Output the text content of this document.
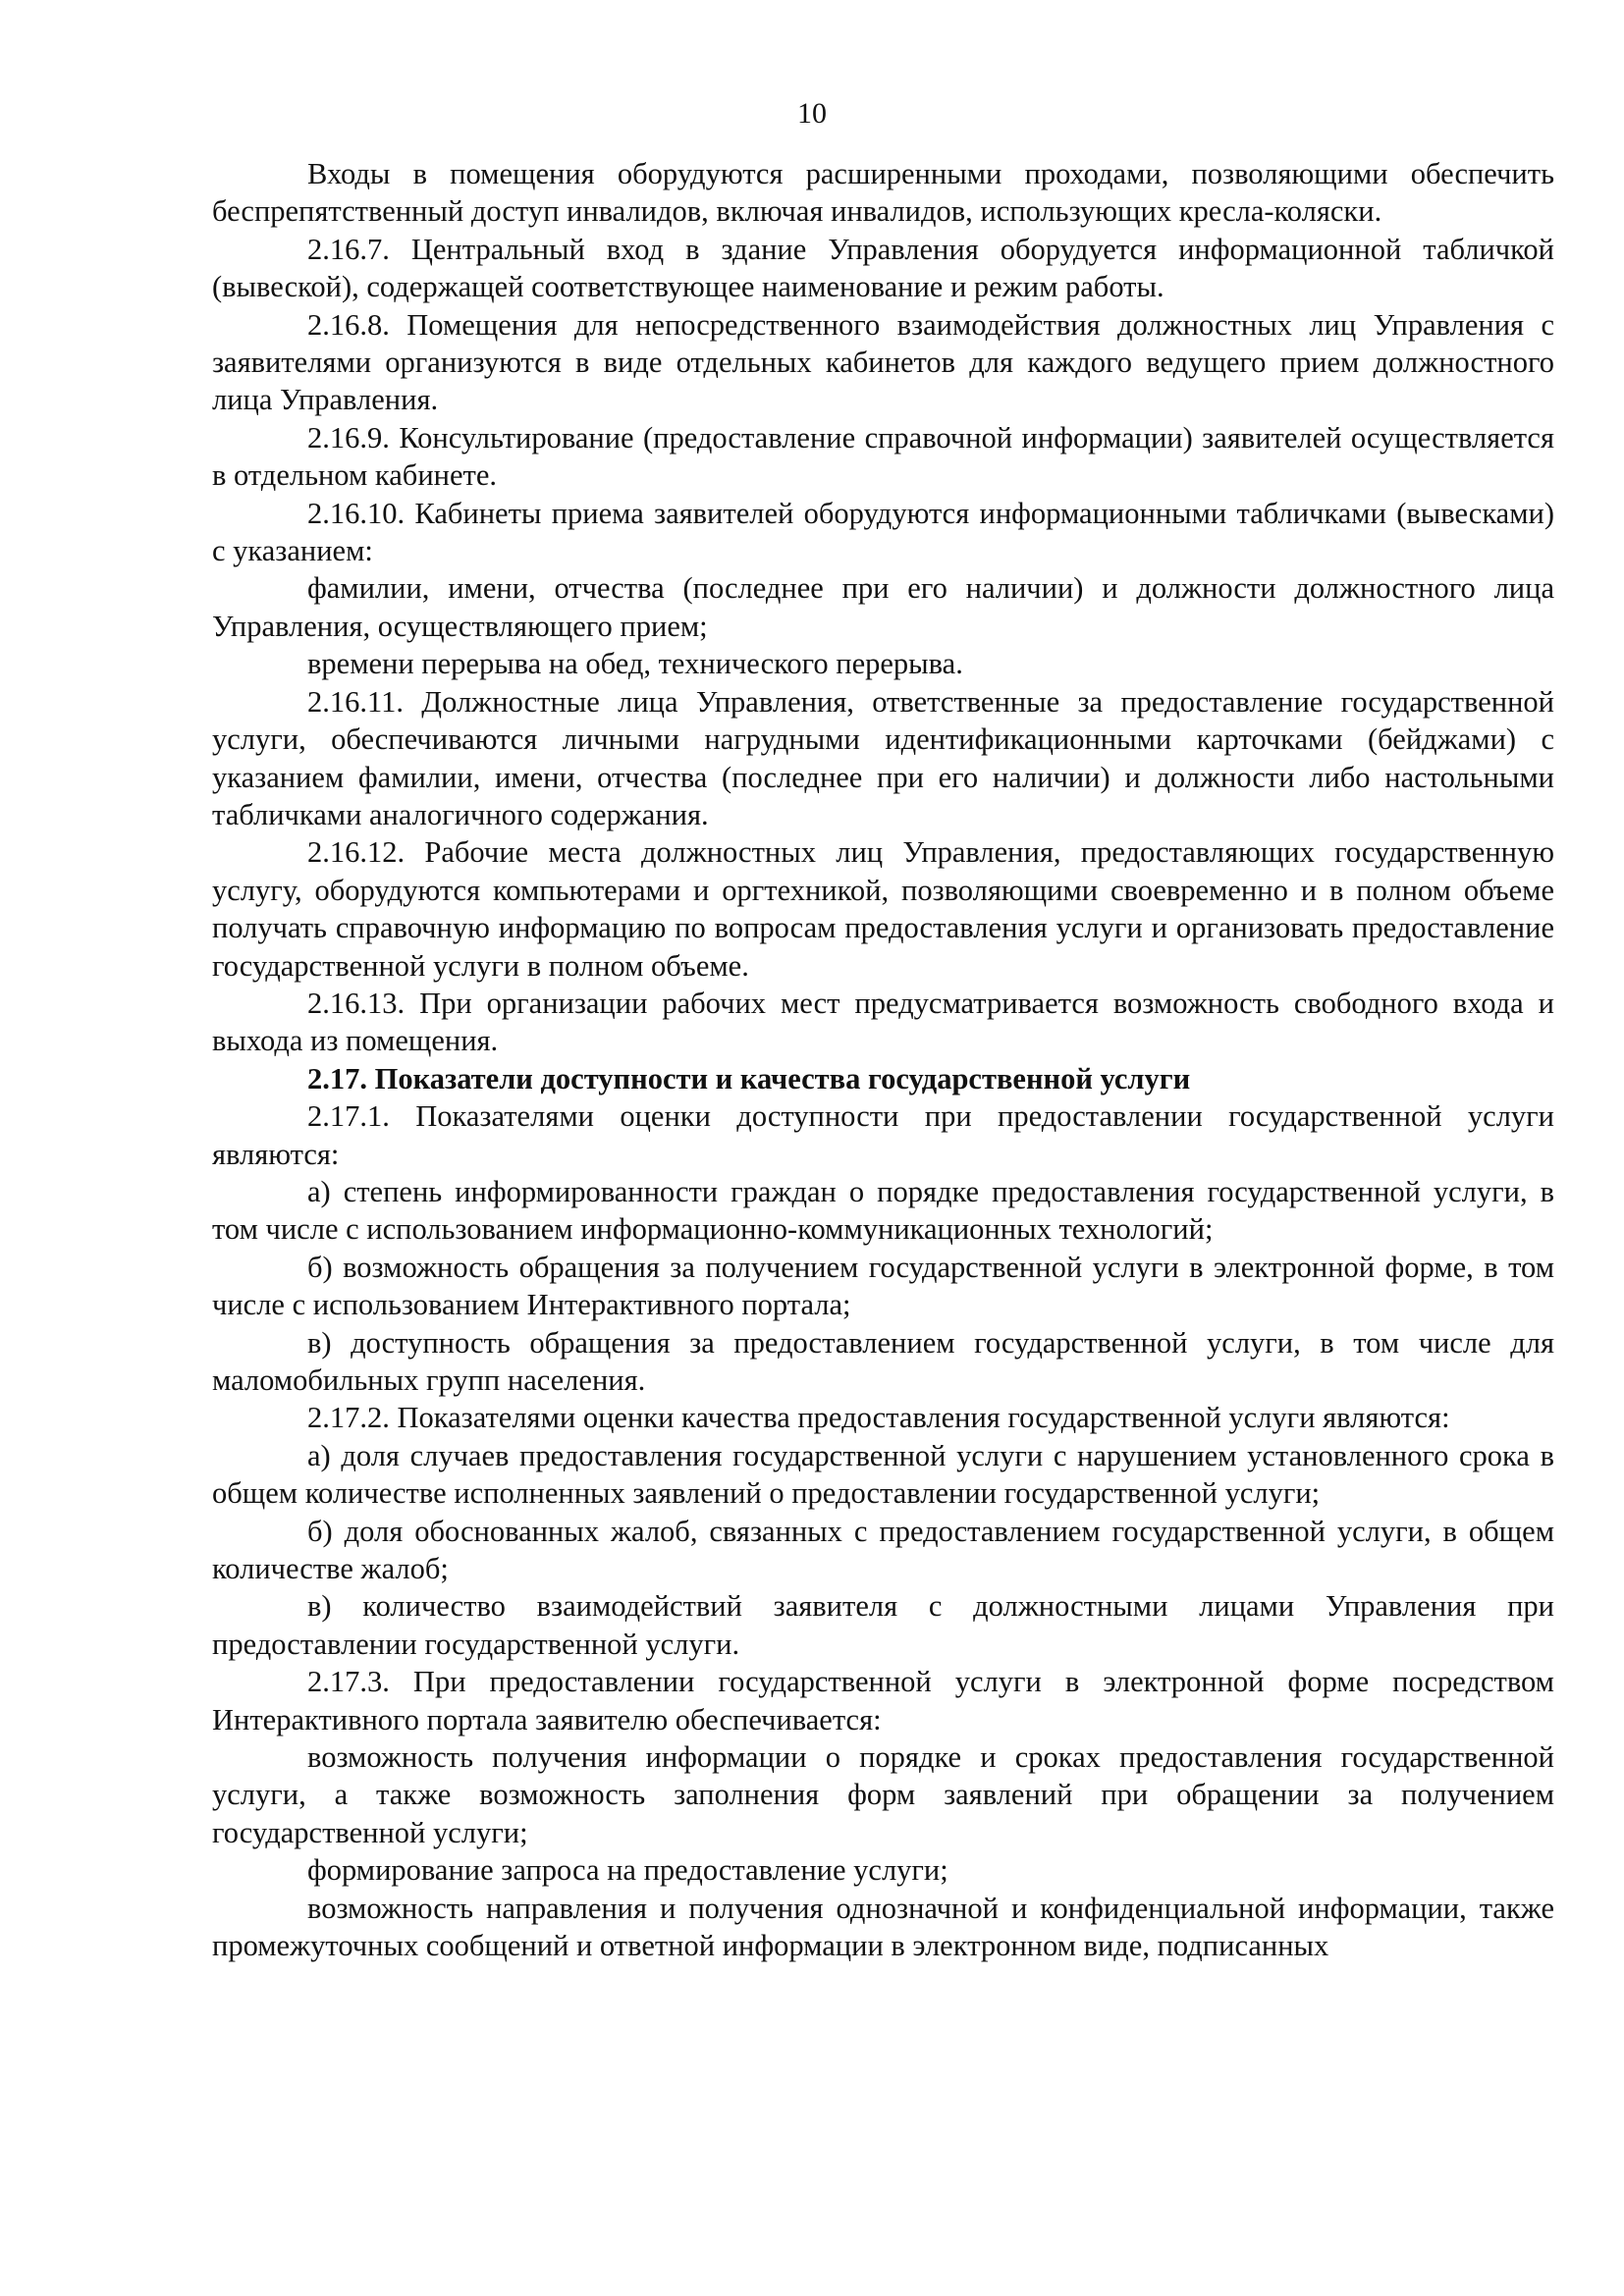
10

Входы в помещения оборудуются расширенными проходами, позволяющими обеспечить беспрепятственный доступ инвалидов, включая инвалидов, использующих кресла-коляски.

2.16.7. Центральный вход в здание Управления оборудуется информационной табличкой (вывеской), содержащей соответствующее наименование и режим работы.

2.16.8. Помещения для непосредственного взаимодействия должностных лиц Управления с заявителями организуются в виде отдельных кабинетов для каждого ведущего прием должностного лица Управления.

2.16.9. Консультирование (предоставление справочной информации) заявителей осуществляется в отдельном кабинете.

2.16.10. Кабинеты приема заявителей оборудуются информационными табличками (вывесками) с указанием:

фамилии, имени, отчества (последнее при его наличии) и должности должностного лица Управления, осуществляющего прием;

времени перерыва на обед, технического перерыва.

2.16.11. Должностные лица Управления, ответственные за предоставление государственной услуги, обеспечиваются личными нагрудными идентификационными карточками (бейджами) с указанием фамилии, имени, отчества (последнее при его наличии) и должности либо настольными табличками аналогичного содержания.

2.16.12. Рабочие места должностных лиц Управления, предоставляющих государственную услугу, оборудуются компьютерами и оргтехникой, позволяющими своевременно и в полном объеме получать справочную информацию по вопросам предоставления услуги и организовать предоставление государственной услуги в полном объеме.

2.16.13. При организации рабочих мест предусматривается возможность свободного входа и выхода из помещения.

2.17. Показатели доступности и качества государственной услуги

2.17.1. Показателями оценки доступности при предоставлении государственной услуги являются:

а) степень информированности граждан о порядке предоставления государственной услуги, в том числе с использованием информационно-коммуникационных технологий;

б) возможность обращения за получением государственной услуги в электронной форме, в том числе с использованием Интерактивного портала;

в) доступность обращения за предоставлением государственной услуги, в том числе для маломобильных групп населения.

2.17.2. Показателями оценки качества предоставления государственной услуги являются:

а) доля случаев предоставления государственной услуги с нарушением установленного срока в общем количестве исполненных заявлений о предоставлении государственной услуги;

б) доля обоснованных жалоб, связанных с предоставлением государственной услуги, в общем количестве жалоб;

в) количество взаимодействий заявителя с должностными лицами Управления при предоставлении государственной услуги.

2.17.3. При предоставлении государственной услуги в электронной форме посредством Интерактивного портала заявителю обеспечивается:

возможность получения информации о порядке и сроках предоставления государственной услуги, а также возможность заполнения форм заявлений при обращении за получением государственной услуги;

формирование запроса на предоставление услуги;

возможность направления и получения однозначной и конфиденциальной информации, также промежуточных сообщений и ответной информации в электронном виде, подписанных
